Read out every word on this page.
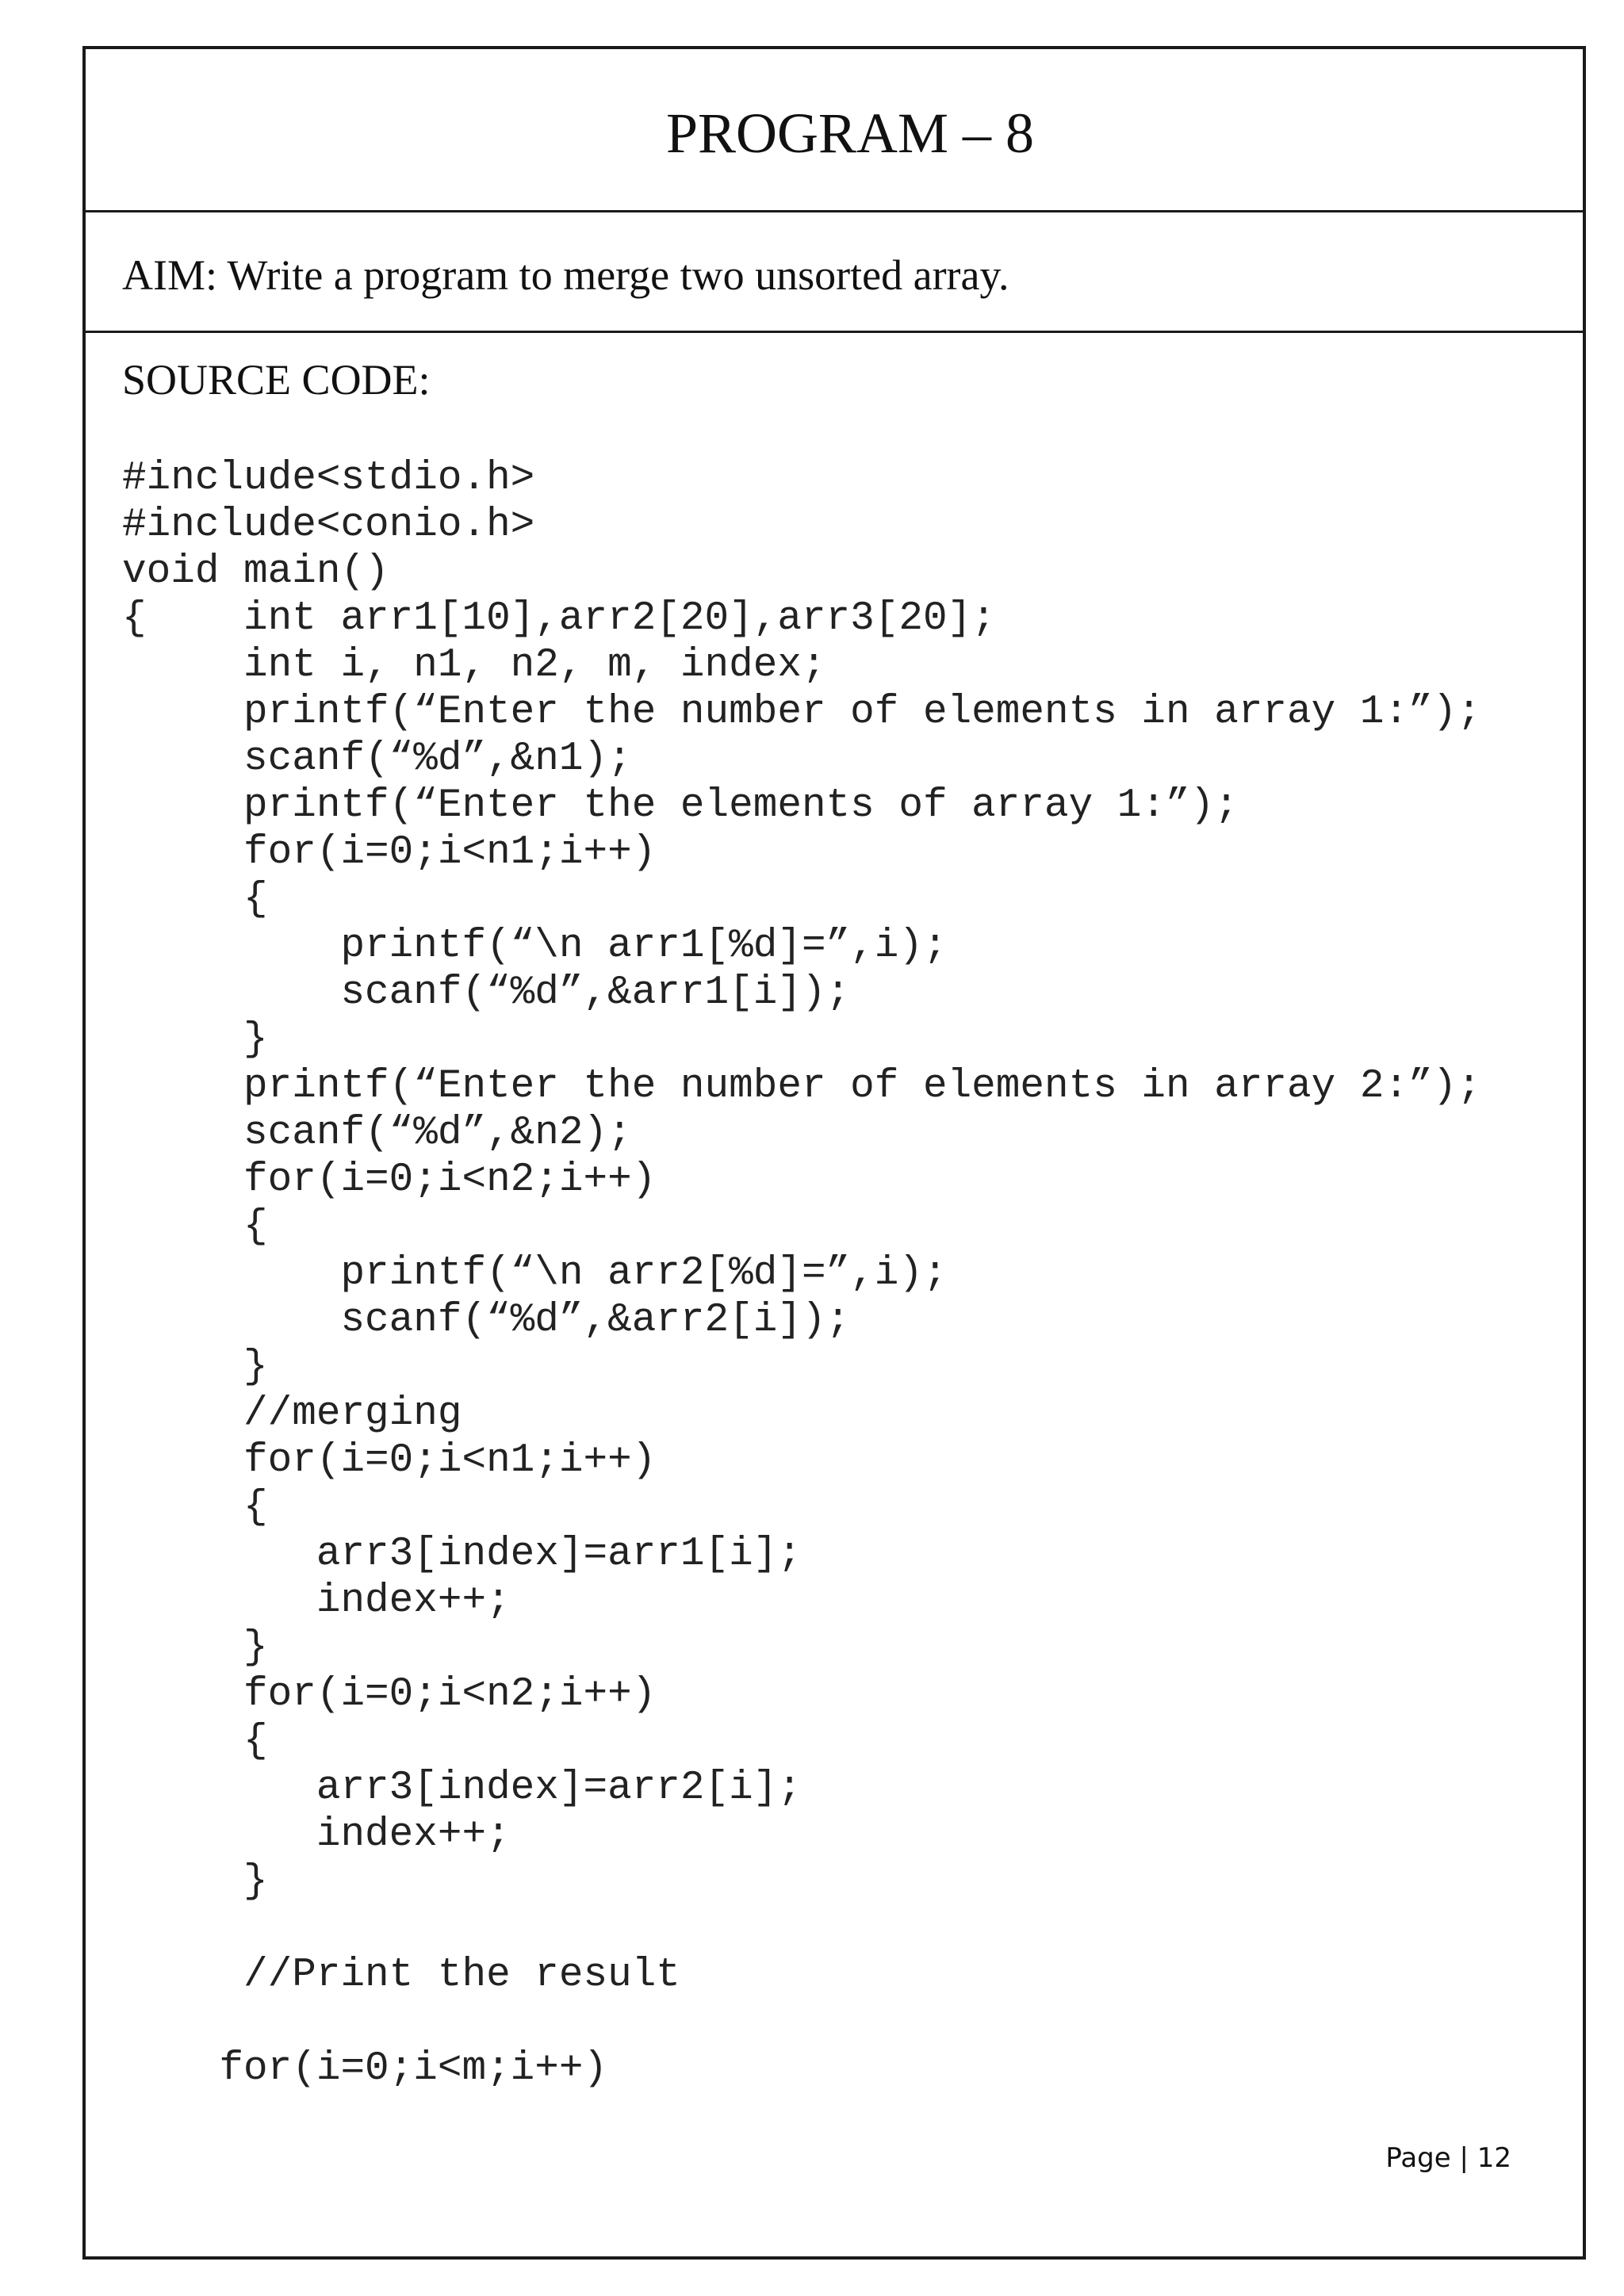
PROGRAM – 8
AIM: Write a program to merge two unsorted array.
SOURCE CODE:
#include<stdio.h>
#include<conio.h>
void main()
{    int arr1[10],arr2[20],arr3[20];
int i, n1, n2, m, index;
printf(“Enter the number of elements in array 1:”);
scanf(“%d”,&n1);
printf(“Enter the elements of array 1:”);
for(i=0;i<n1;i++)
{
printf(“\n arr1[%d]=”,i);
scanf(“%d”,&arr1[i]);
}
printf(“Enter the number of elements in array 2:”);
scanf(“%d”,&n2);
for(i=0;i<n2;i++)
{
printf(“\n arr2[%d]=”,i);
scanf(“%d”,&arr2[i]);
}
//merging
for(i=0;i<n1;i++)
{
arr3[index]=arr1[i];
index++;
}
for(i=0;i<n2;i++)
{
arr3[index]=arr2[i];
index++;
}
//Print the result
for(i=0;i<m;i++)
Page | 12
